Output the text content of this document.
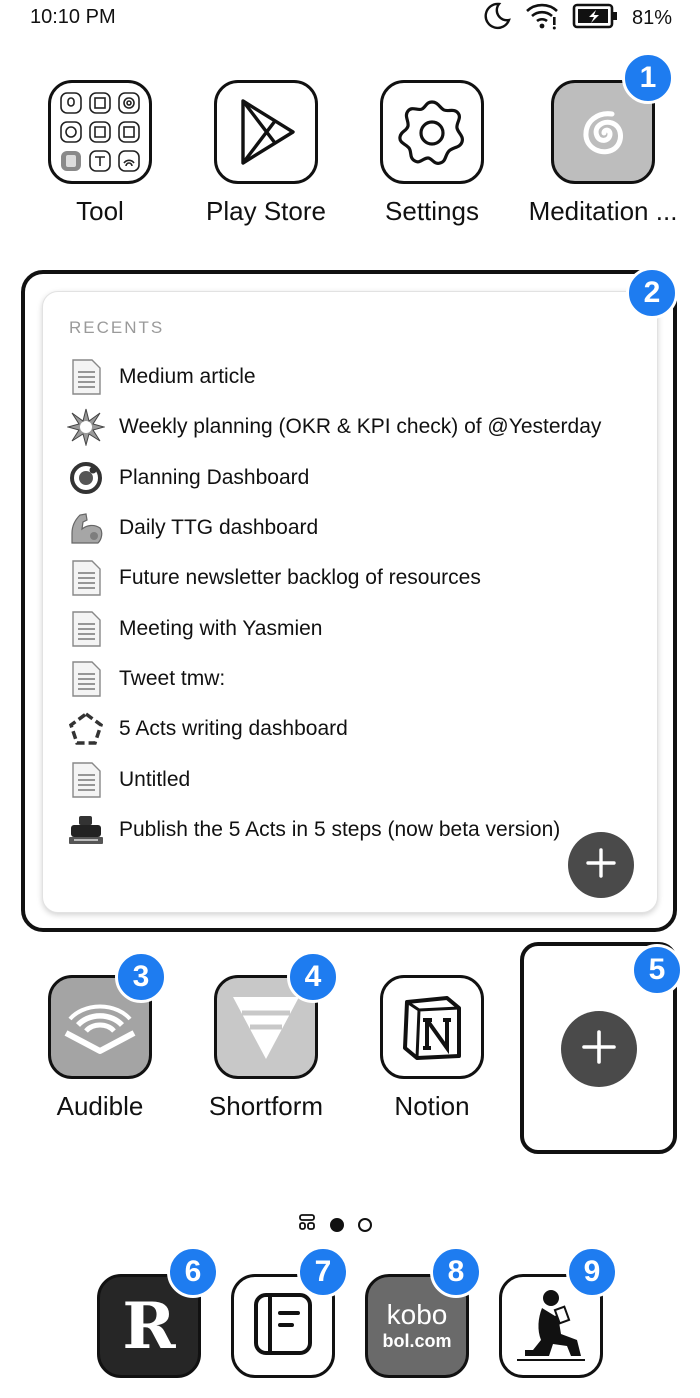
10:10 PM	81%
Tool	Play Store	Settings	Meditation ...
1
RECENTS
Medium article
Weekly planning (OKR & KPI check) of @Yesterday
Planning Dashboard
Daily TTG dashboard
Future newsletter backlog of resources
Meeting with Yasmien
Tweet tmw:
5 Acts writing dashboard
Untitled
Publish the 5 Acts in 5 steps (now beta version)
2
Audible
3
Shortform
4
Notion
5
R
6	7
kobo
bol.com
8	9
